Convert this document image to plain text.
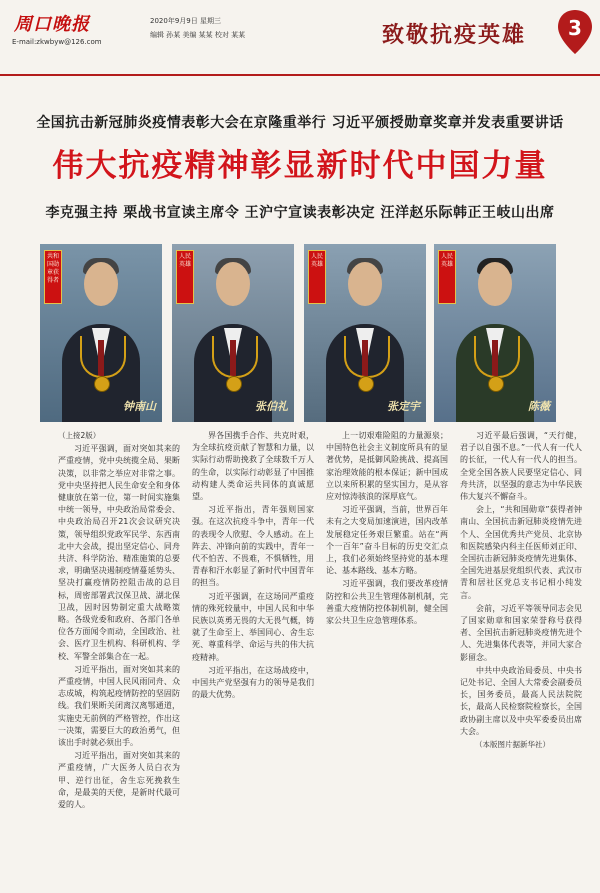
周口晚报
E-mail:zkwbyw@126.com
2020年9月9日 星期三
编辑 孙某 美编 某某 校对 某某	致敬抗疫英雄	3
全国抗击新冠肺炎疫情表彰大会在京隆重举行 习近平颁授勋章奖章并发表重要讲话
伟大抗疫精神彰显新时代中国力量
李克强主持 栗战书宣读主席令 王沪宁宣读表彰决定 汪洋赵乐际韩正王岐山出席
共和国勋章获得者
钟南山
人民英雄
张伯礼
人民英雄
张定宇
人民英雄
陈薇

（上接2版）

习近平强调，面对突如其来的严重疫情，党中央统揽全局、果断决策，以非常之举应对非常之事。党中央坚持把人民生命安全和身体健康放在第一位，第一时间实施集中统一领导，中央政治局常委会、中央政治局召开21次会议研究决策，领导组织党政军民学、东西南北中大会战，提出坚定信心、同舟共济、科学防治、精准施策的总要求，明确坚决遏制疫情蔓延势头、坚决打赢疫情防控阻击战的总目标，周密部署武汉保卫战、湖北保卫战，因时因势制定重大战略策略。各级党委和政府、各部门各单位各方面闻令而动，全国政治、社会、医疗卫生机构、科研机构、学校、军警全部集合在一起。

习近平指出，面对突如其来的严重疫情，中国人民风雨同舟、众志成城，构筑起疫情防控的坚固防线。我们果断关闭离汉离鄂通道，实施史无前例的严格管控，作出这一决策，需要巨大的政治勇气，但该出手时就必须出手。

习近平指出，面对突如其来的严重疫情，广大医务人员白衣为甲、逆行出征，舍生忘死挽救生命，是最美的天使，是新时代最可爱的人。

界各国携手合作、共克时艰，为全球抗疫贡献了智慧和力量，以实际行动帮助挽救了全球数千万人的生命，以实际行动彰显了中国推动构建人类命运共同体的真诚愿望。

习近平指出，青年强则国家强。在这次抗疫斗争中，青年一代的表现令人欣慰、令人感动。在上阵去、冲锋向前的实践中，青年一代不怕苦、不畏难，不惧牺牲，用青春和汗水彰显了新时代中国青年的担当。

习近平强调，在这场同严重疫情的殊死较量中，中国人民和中华民族以英勇无畏的大无畏气概，铸就了生命至上、举国同心、舍生忘死、尊重科学、命运与共的伟大抗疫精神。

习近平指出，在这场战疫中，中国共产党坚强有力的领导是我们的最大优势。

上一切艰难险阻的力量源泉；中国特色社会主义制度所具有的显著优势，是抵御风险挑战、提高国家治理效能的根本保证；新中国成立以来所积累的坚实国力，是从容应对惊涛骇浪的深厚底气。

习近平强调，当前，世界百年未有之大变局加速演进，国内改革发展稳定任务艰巨繁重。站在“两个一百年”奋斗目标的历史交汇点上，我们必须始终坚持党的基本理论、基本路线、基本方略。

习近平强调，我们要改革疫情防控和公共卫生管理体制机制，完善重大疫情防控体制机制，健全国家公共卫生应急管理体系。

习近平最后强调，“天行健，君子以自强不息。”一代人有一代人的长征，一代人有一代人的担当。全党全国各族人民要坚定信心、同舟共济，以坚强的意志为中华民族伟大复兴不懈奋斗。

会上，“共和国勋章”获得者钟南山、全国抗击新冠肺炎疫情先进个人、全国优秀共产党员、北京协和医院感染内科主任医师刘正印、全国抗击新冠肺炎疫情先进集体、全国先进基层党组织代表、武汉市青和居社区党总支书记相小纯发言。

会前，习近平等领导同志会见了国家勋章和国家荣誉称号获得者、全国抗击新冠肺炎疫情先进个人、先进集体代表等，并同大家合影留念。

中共中央政治局委员、中央书记处书记、全国人大常委会副委员长，国务委员，最高人民法院院长，最高人民检察院检察长，全国政协副主席以及中央军委委员出席大会。

（本版图片据新华社）
